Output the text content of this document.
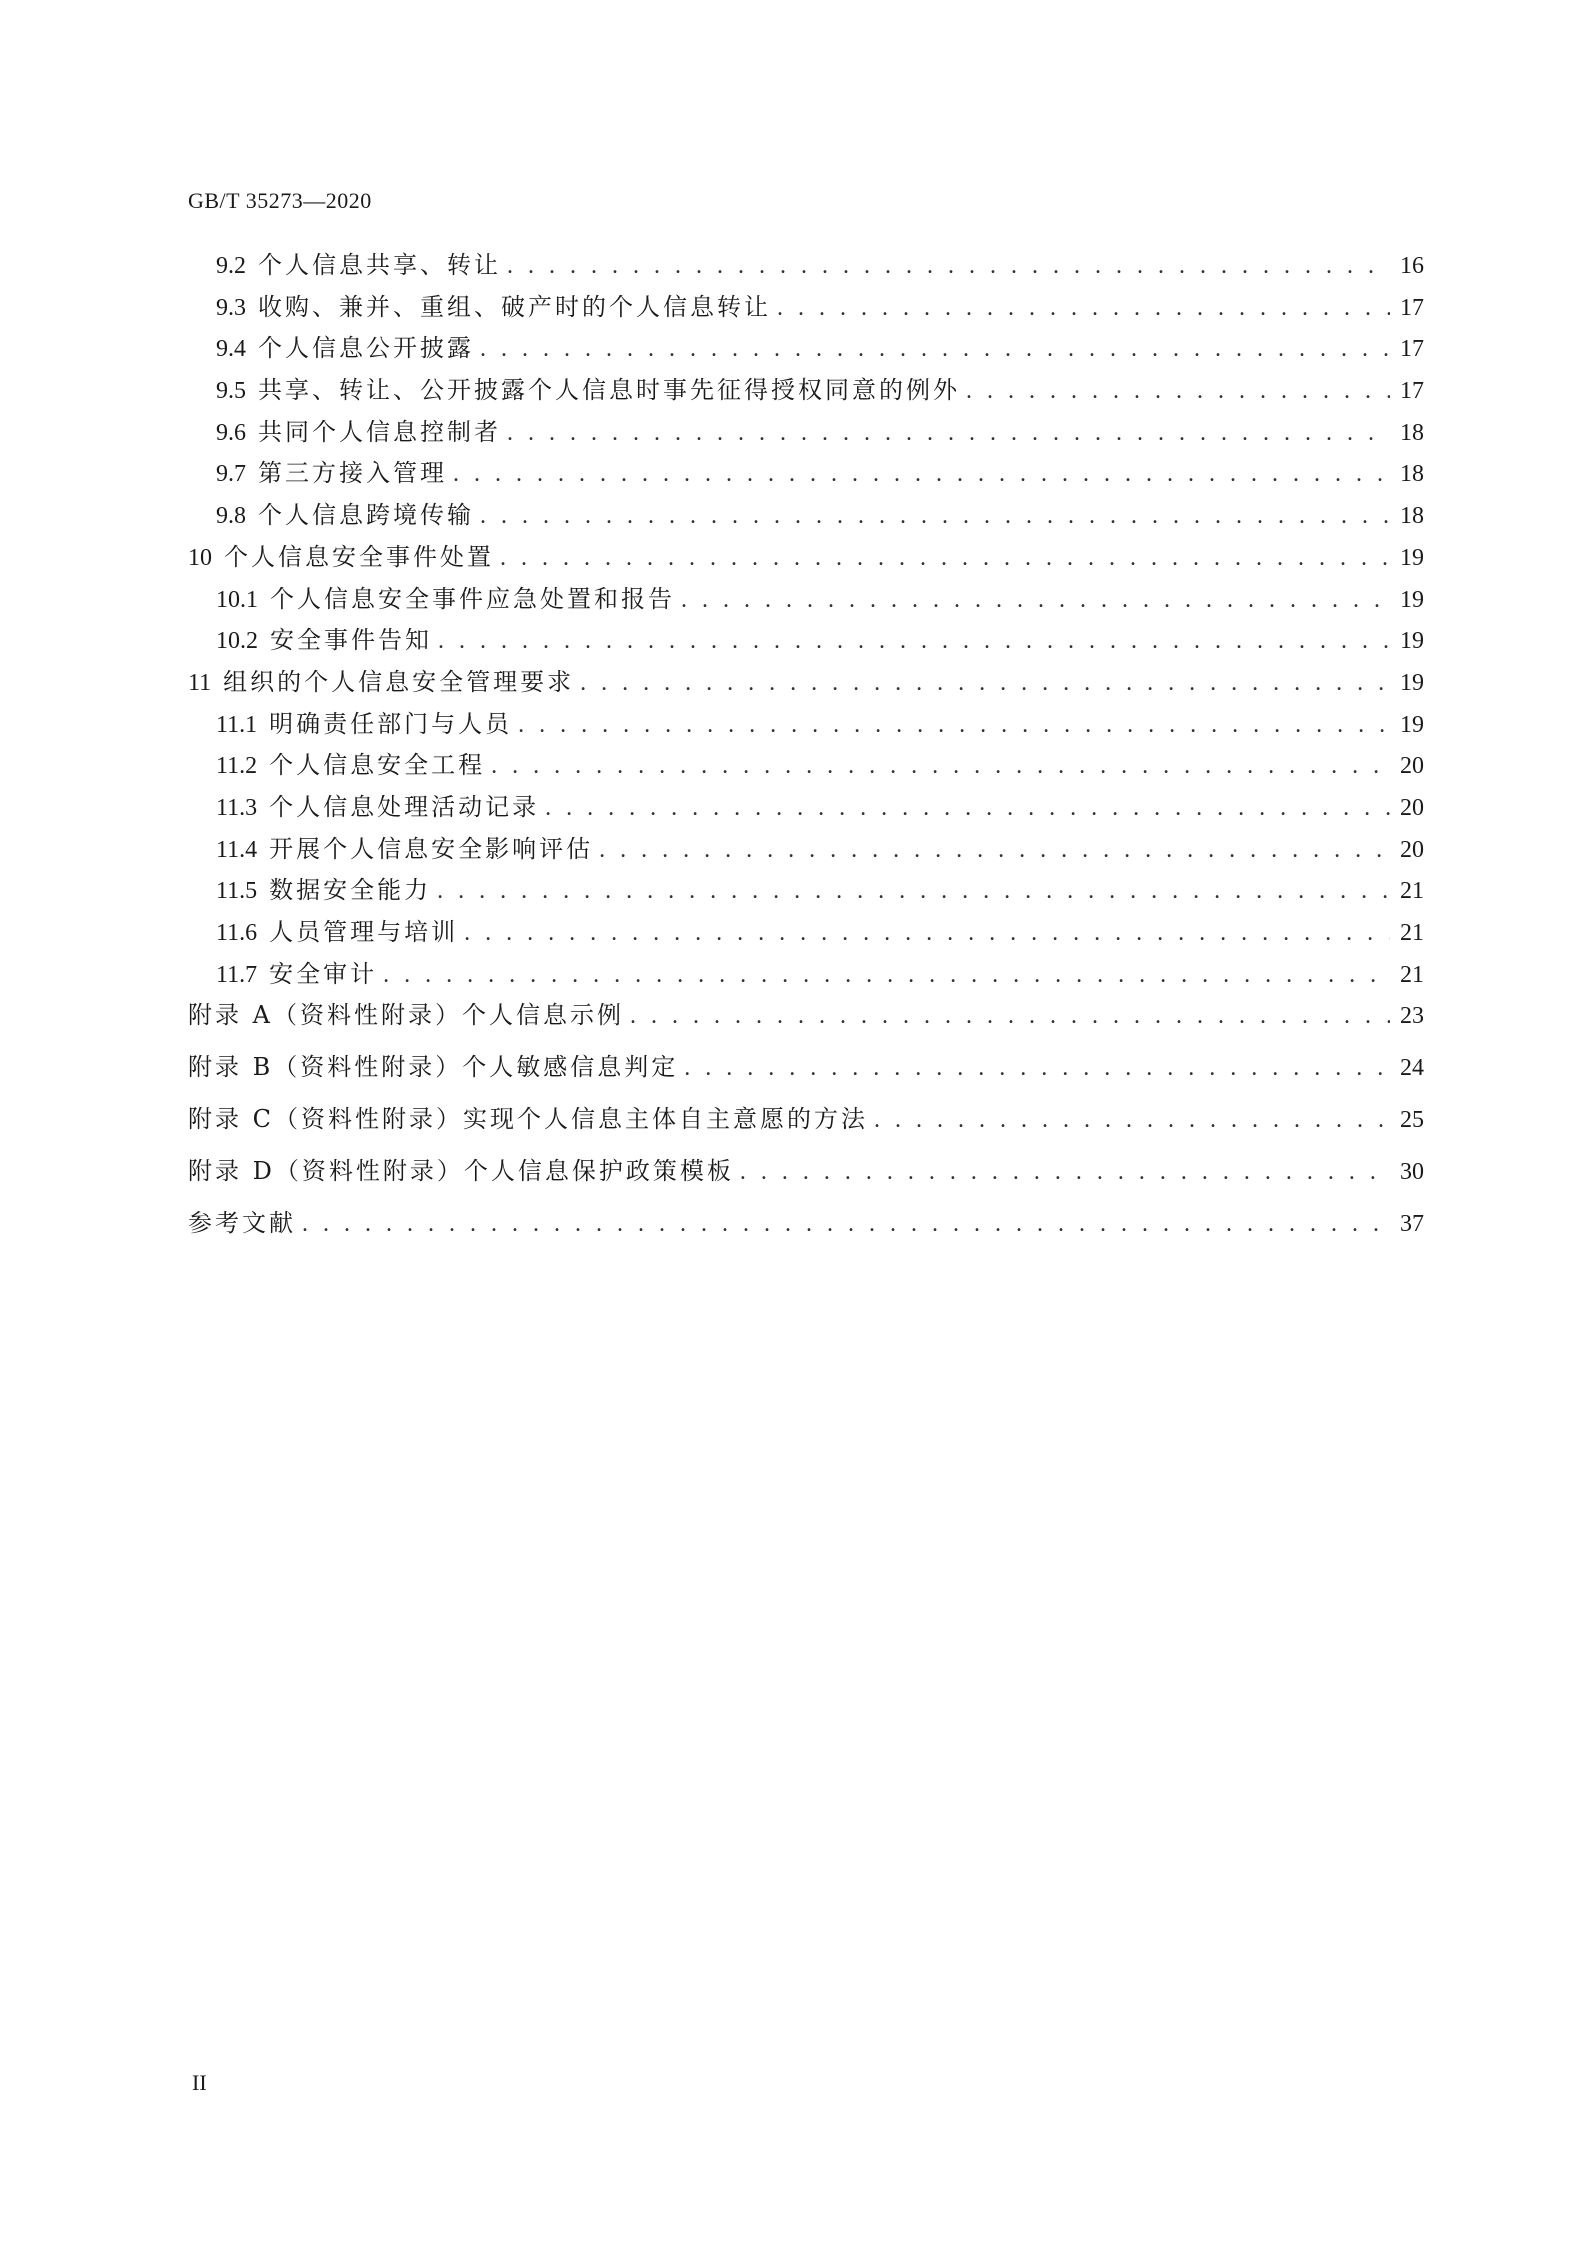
GB/T 35273—2020
9.2 个人信息共享、转让 . . .	16
9.3 收购、兼并、重组、破产时的个人信息转让 . . .	17
9.4 个人信息公开披露 . . .	17
9.5 共享、转让、公开披露个人信息时事先征得授权同意的例外 . . .	17
9.6 共同个人信息控制者 . . .	18
9.7 第三方接入管理 . . .	18
9.8 个人信息跨境传输 . . .	18
10 个人信息安全事件处置 . . .	19
10.1 个人信息安全事件应急处置和报告 . . .	19
10.2 安全事件告知 . . .	19
11 组织的个人信息安全管理要求 . . .	19
11.1 明确责任部门与人员 . . .	19
11.2 个人信息安全工程 . . .	20
11.3 个人信息处理活动记录 . . .	20
11.4 开展个人信息安全影响评估 . . .	20
11.5 数据安全能力 . . .	21
11.6 人员管理与培训 . . .	21
11.7 安全审计 . . .	21
附录 A（资料性附录）个人信息示例 . . .	23
附录 B（资料性附录）个人敏感信息判定 . . .	24
附录 C（资料性附录）实现个人信息主体自主意愿的方法 . . .	25
附录 D（资料性附录）个人信息保护政策模板 . . .	30
参考文献 . . .	37
II
